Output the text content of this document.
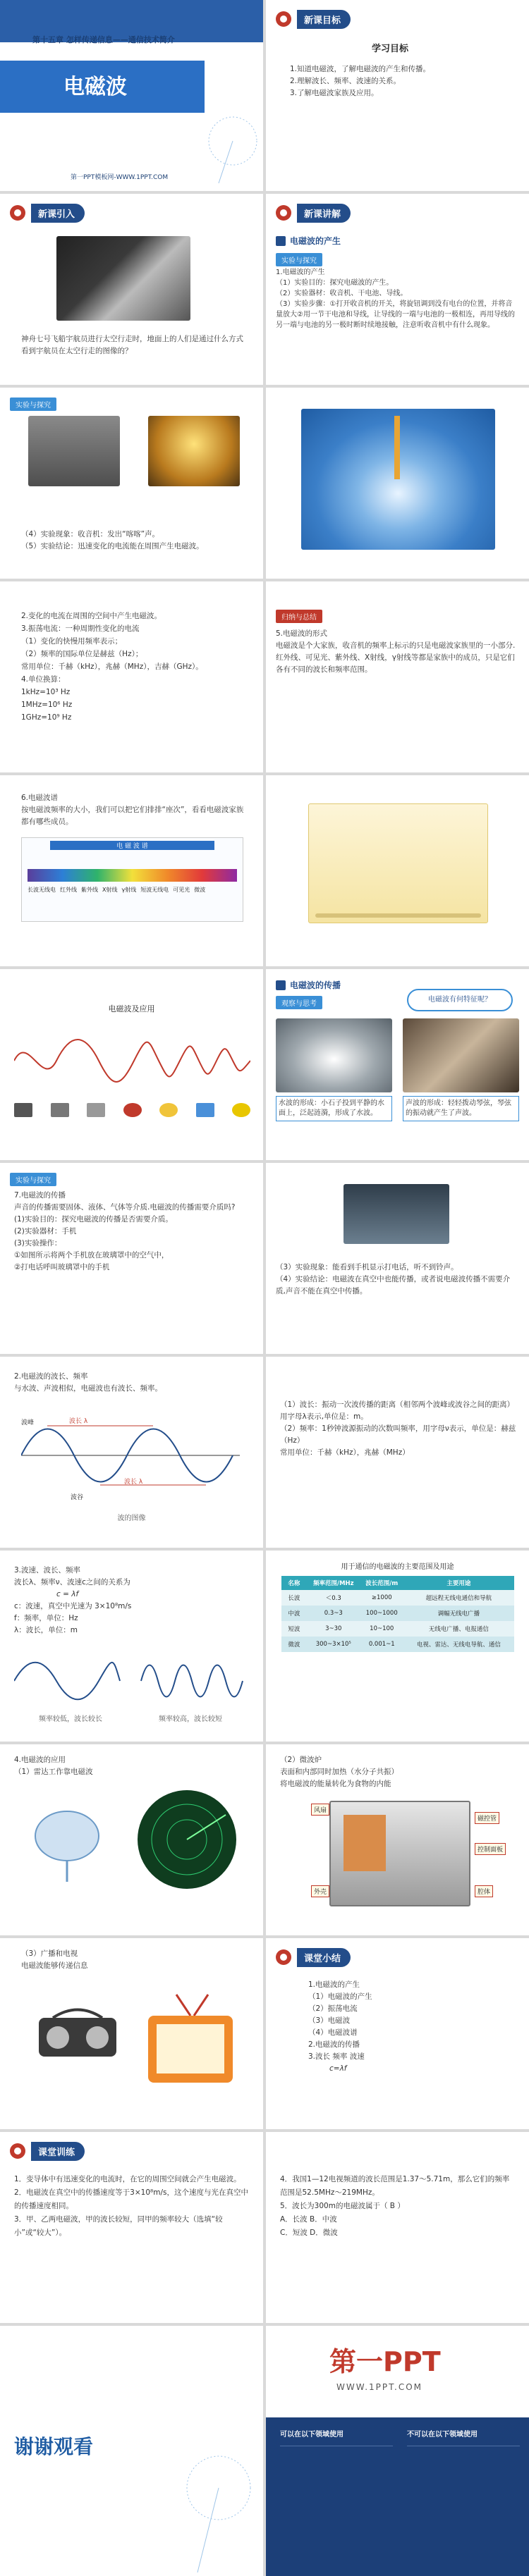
第十五章 怎样传递信息——通信技术简介
电磁波
第一PPT模板网-WWW.1PPT.COM
新课目标
学习目标
1.知道电磁波，了解电磁波的产生和传播。
2.理解波长、频率、波速的关系。
3.了解电磁波家族及应用。
新课引入
神舟七号飞船宇航员进行太空行走时，地面上的人们是通过什么方式看到宇航员在太空行走的图像的？
新课讲解
电磁波的产生
实验与探究
1.电磁波的产生
（1）实验目的：探究电磁波的产生。
（2）实验器材：收音机、干电池、导线。
（3）实验步骤：①打开收音机的开关，将旋钮调到没有电台的位置，并将音量放大②用一节干电池和导线，让导线的一端与电池的一极相连，再用导线的另一端与电池的另一极时断时续地接触，注意听收音机中有什么现象。
实验与探究
（4）实验现象：收音机：发出“喀喀”声。
（5）实验结论：迅速变化的电流能在周围产生电磁波。
2.变化的电流在周围的空间中产生电磁波。
3.振荡电流：一种周期性变化的电流
（1）变化的快慢用频率表示；
（2）频率的国际单位是赫兹（Hz）；
常用单位：千赫（kHz），兆赫（MHz），吉赫（GHz）。
4.单位换算：
1kHz=10³ Hz
1MHz=10⁶ Hz
1GHz=10⁹ Hz
归纳与总结
5.电磁波的形式
电磁波是个大家族，收音机的频率上标示的只是电磁波家族里的一小部分.红外线、可见光、紫外线、X射线，γ射线等都是家族中的成员，只是它们各有不同的波长和频率范围。
6.电磁波谱
按电磁波频率的大小，我们可以把它们排排“座次”，看看电磁波家族都有哪些成员。
电 磁 波 谱
长波无线电 红外线 紫外线 X射线 γ射线 短波无线电 可见光 微波
电磁波及应用
电磁波的传播
观察与思考
电磁波有何特征呢？
水波的形成：小石子投到平静的水面上，泛起涟漪，形成了水波。
声波的形成：轻轻拨动琴弦，琴弦的振动就产生了声波。
实验与探究
7.电磁波的传播
声音的传播需要固体、液体、气体等介质.电磁波的传播需要介质吗?
(1)实验目的：探究电磁波的传播是否需要介质。
(2)实验器材：手机
(3)实验操作：
①如图所示将两个手机放在玻璃罩中的空气中，
②打电话呼叫玻璃罩中的手机	（3）实验现象：能看到手机显示打电话，听不到铃声。
（4）实验结论：电磁波在真空中也能传播，或者说电磁波传播不需要介质,声音不能在真空中传播。
2.电磁波的波长、频率
与水波、声波相似，电磁波也有波长、频率。
波峰
波谷
波长 λ
波长 λ
波的图像
（1）波长：振动一次波传播的距离（相邻两个波峰或波谷之间的距离）用字母λ表示,单位是：m。
（2）频率：1秒钟波源振动的次数叫频率，用字母ν表示，单位是：赫兹（Hz）
常用单位：千赫（kHz），兆赫（MHz）
3.波速、波长、频率
波长λ、频率ν、波速c之间的关系为
c = λf
c：波速，真空中光速为 3×10⁸m/s
f：频率，单位：Hz
λ：波长，单位：m
频率较低，波长较长	频率较高，波长较短
用于通信的电磁波的主要范围及用途
名称	频率范围/MHz	波长范围/m	主要用途
长波	＜0.3	≥1000	超远程无线电通信和导航
中波	0.3~3	100~1000	调幅无线电广播
短波	3~30	10~100	无线电广播、电报通信
微波	300~3×10⁵	0.001~1	电视、雷达、无线电导航、通信
4.电磁波的应用
（1）雷达工作靠电磁波
（2）微波炉
表面和内部同时加热（水分子共振）
将电磁波的能量转化为食物的内能
风扇
磁控管
控制面板
外壳	腔体
（3）广播和电视
电磁波能够传递信息
课堂小结
1.电磁波的产生
（1）电磁波的产生
（2）振荡电流
（3）电磁波
（4）电磁波谱
2.电磁波的传播
3.波长 频率 波速
c=λf
课堂训练
1．变导体中有迅速变化的电流时，在它的周围空间就会产生电磁波。
2．电磁波在真空中的传播速度等于3×10⁸m/s，这个速度与光在真空中的传播速度相同。
3．甲、乙两电磁波，甲的波长较短，同甲的频率较大（选填“较小”或“较大”）。
4．我国1—12电视频道的波长范围是1.37～5.71m，那么它们的频率范围是52.5MHz～219MHz。
5．波长为300m的电磁波属于（ B ）
A．长波 B．中波
C．短波 D．微波
谢谢观看
第一PPT
WWW.1PPT.COM
可以在以下领域使用	不可以在以下领域使用
